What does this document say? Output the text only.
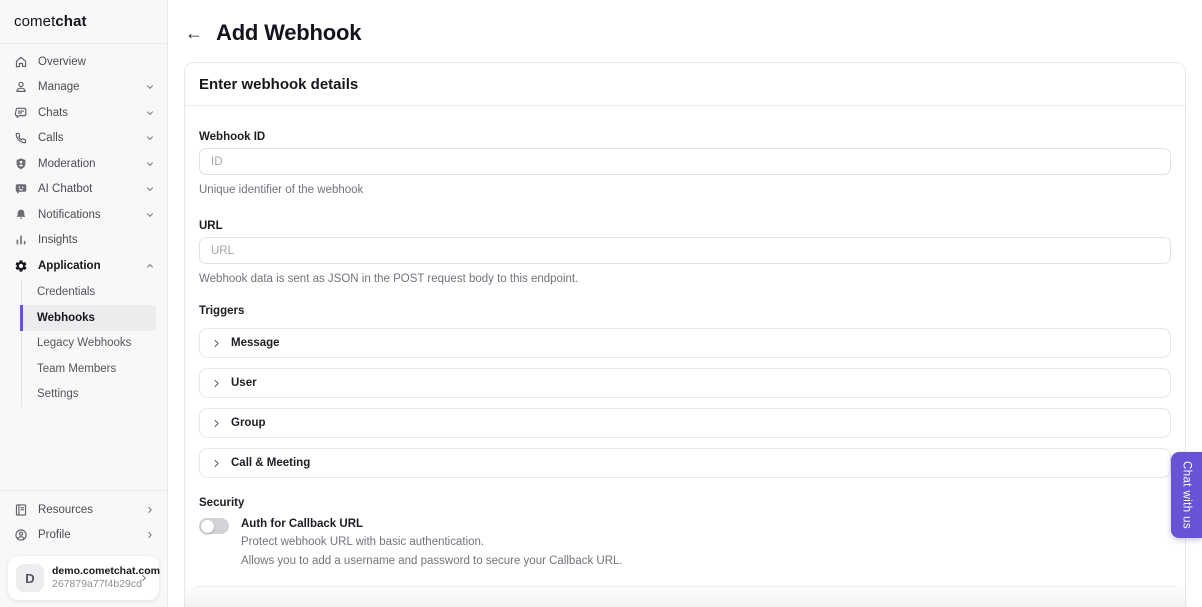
comet chat
Overview
Manage
Chats
Calls
Moderation
AI Chatbot
Notifications
Insights
Application
Credentials
Webhooks
Legacy Webhooks
Team Members
Settings
Resources
Profile
D	demo.cometchat.com
267879a77f4b29cd
← Add Webhook
Enter webhook details
Webhook ID
ID
Unique identifier of the webhook
URL
URL
Webhook data is sent as JSON in the POST request body to this endpoint.
Triggers
Message
User
Group
Call & Meeting
Security
Auth for Callback URL
Protect webhook URL with basic authentication.
Allows you to add a username and password to secure your Callback URL.
Chat with us
